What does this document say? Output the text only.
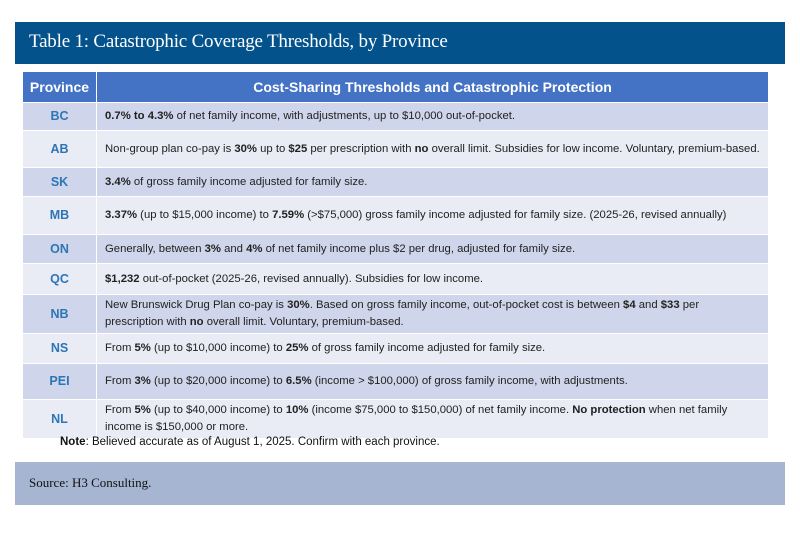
Table 1: Catastrophic Coverage Thresholds, by Province
Province	Cost-Sharing Thresholds and Catastrophic Protection
BC	0.7% to 4.3% of net family income, with adjustments, up to $10,000 out-of-pocket.
AB	Non-group plan co-pay is 30% up to $25 per prescription with no overall limit. Subsidies for low income. Voluntary, premium-based.
SK	3.4% of gross family income adjusted for family size.
MB	3.37% (up to $15,000 income) to 7.59% (>$75,000) gross family income adjusted for family size. (2025-26, revised annually)
ON	Generally, between 3% and 4% of net family income plus $2 per drug, adjusted for family size.
QC	$1,232 out-of-pocket (2025-26, revised annually). Subsidies for low income.
NB	New Brunswick Drug Plan co-pay is 30%. Based on gross family income, out-of-pocket cost is between $4 and $33 per prescription with no overall limit. Voluntary, premium-based.
NS	From 5% (up to $10,000 income) to 25% of gross family income adjusted for family size.
PEI	From 3% (up to $20,000 income) to 6.5% (income > $100,000) of gross family income, with adjustments.
NL	From 5% (up to $40,000 income) to 10% (income $75,000 to $150,000) of net family income. No protection when net family income is $150,000 or more.
Note: Believed accurate as of August 1, 2025. Confirm with each province.
Source: H3 Consulting.
